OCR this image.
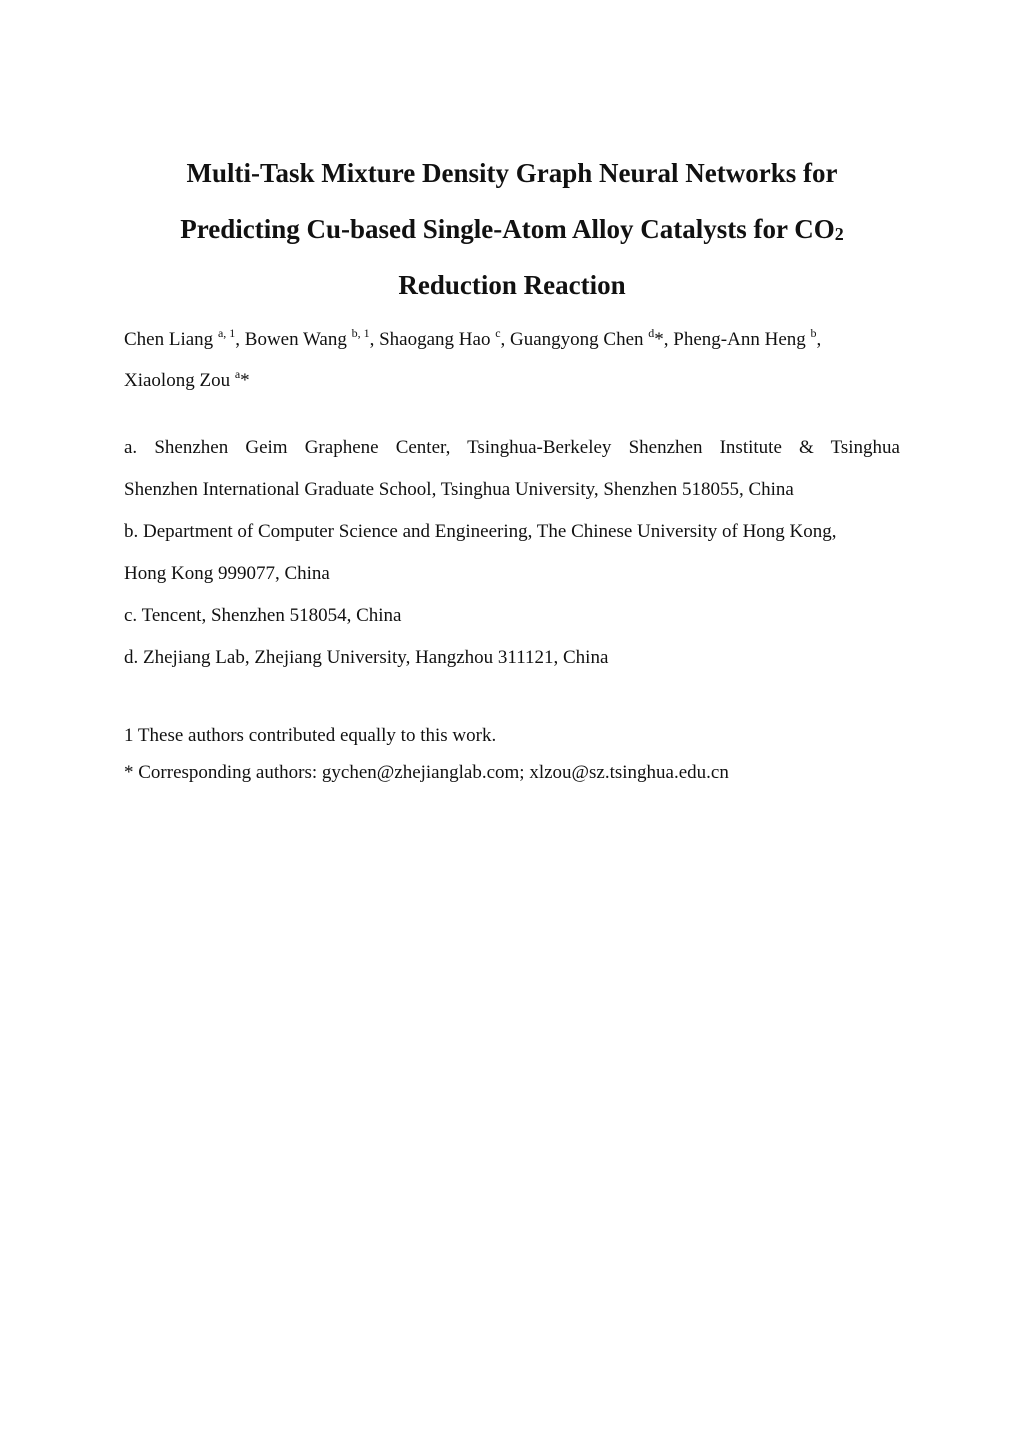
Multi-Task Mixture Density Graph Neural Networks for
Predicting Cu-based Single-Atom Alloy Catalysts for $CO_2$
Reduction Reaction
Chen Liang $^{a, 1}$, Bowen Wang $^{b, 1}$, Shaogang Hao $^c$, Guangyong Chen $^d$*, Pheng-Ann Heng $^b$,
Xiaolong Zou $^a$*
a. Shenzhen Geim Graphene Center, Tsinghua-Berkeley Shenzhen Institute & Tsinghua
Shenzhen International Graduate School, Tsinghua University, Shenzhen 518055, China
b. Department of Computer Science and Engineering, The Chinese University of Hong Kong,
Hong Kong 999077, China
c. Tencent, Shenzhen 518054, China
d. Zhejiang Lab, Zhejiang University, Hangzhou 311121, China
1 These authors contributed equally to this work.
* Corresponding authors: gychen@zhejianglab.com; xlzou@sz.tsinghua.edu.cn
